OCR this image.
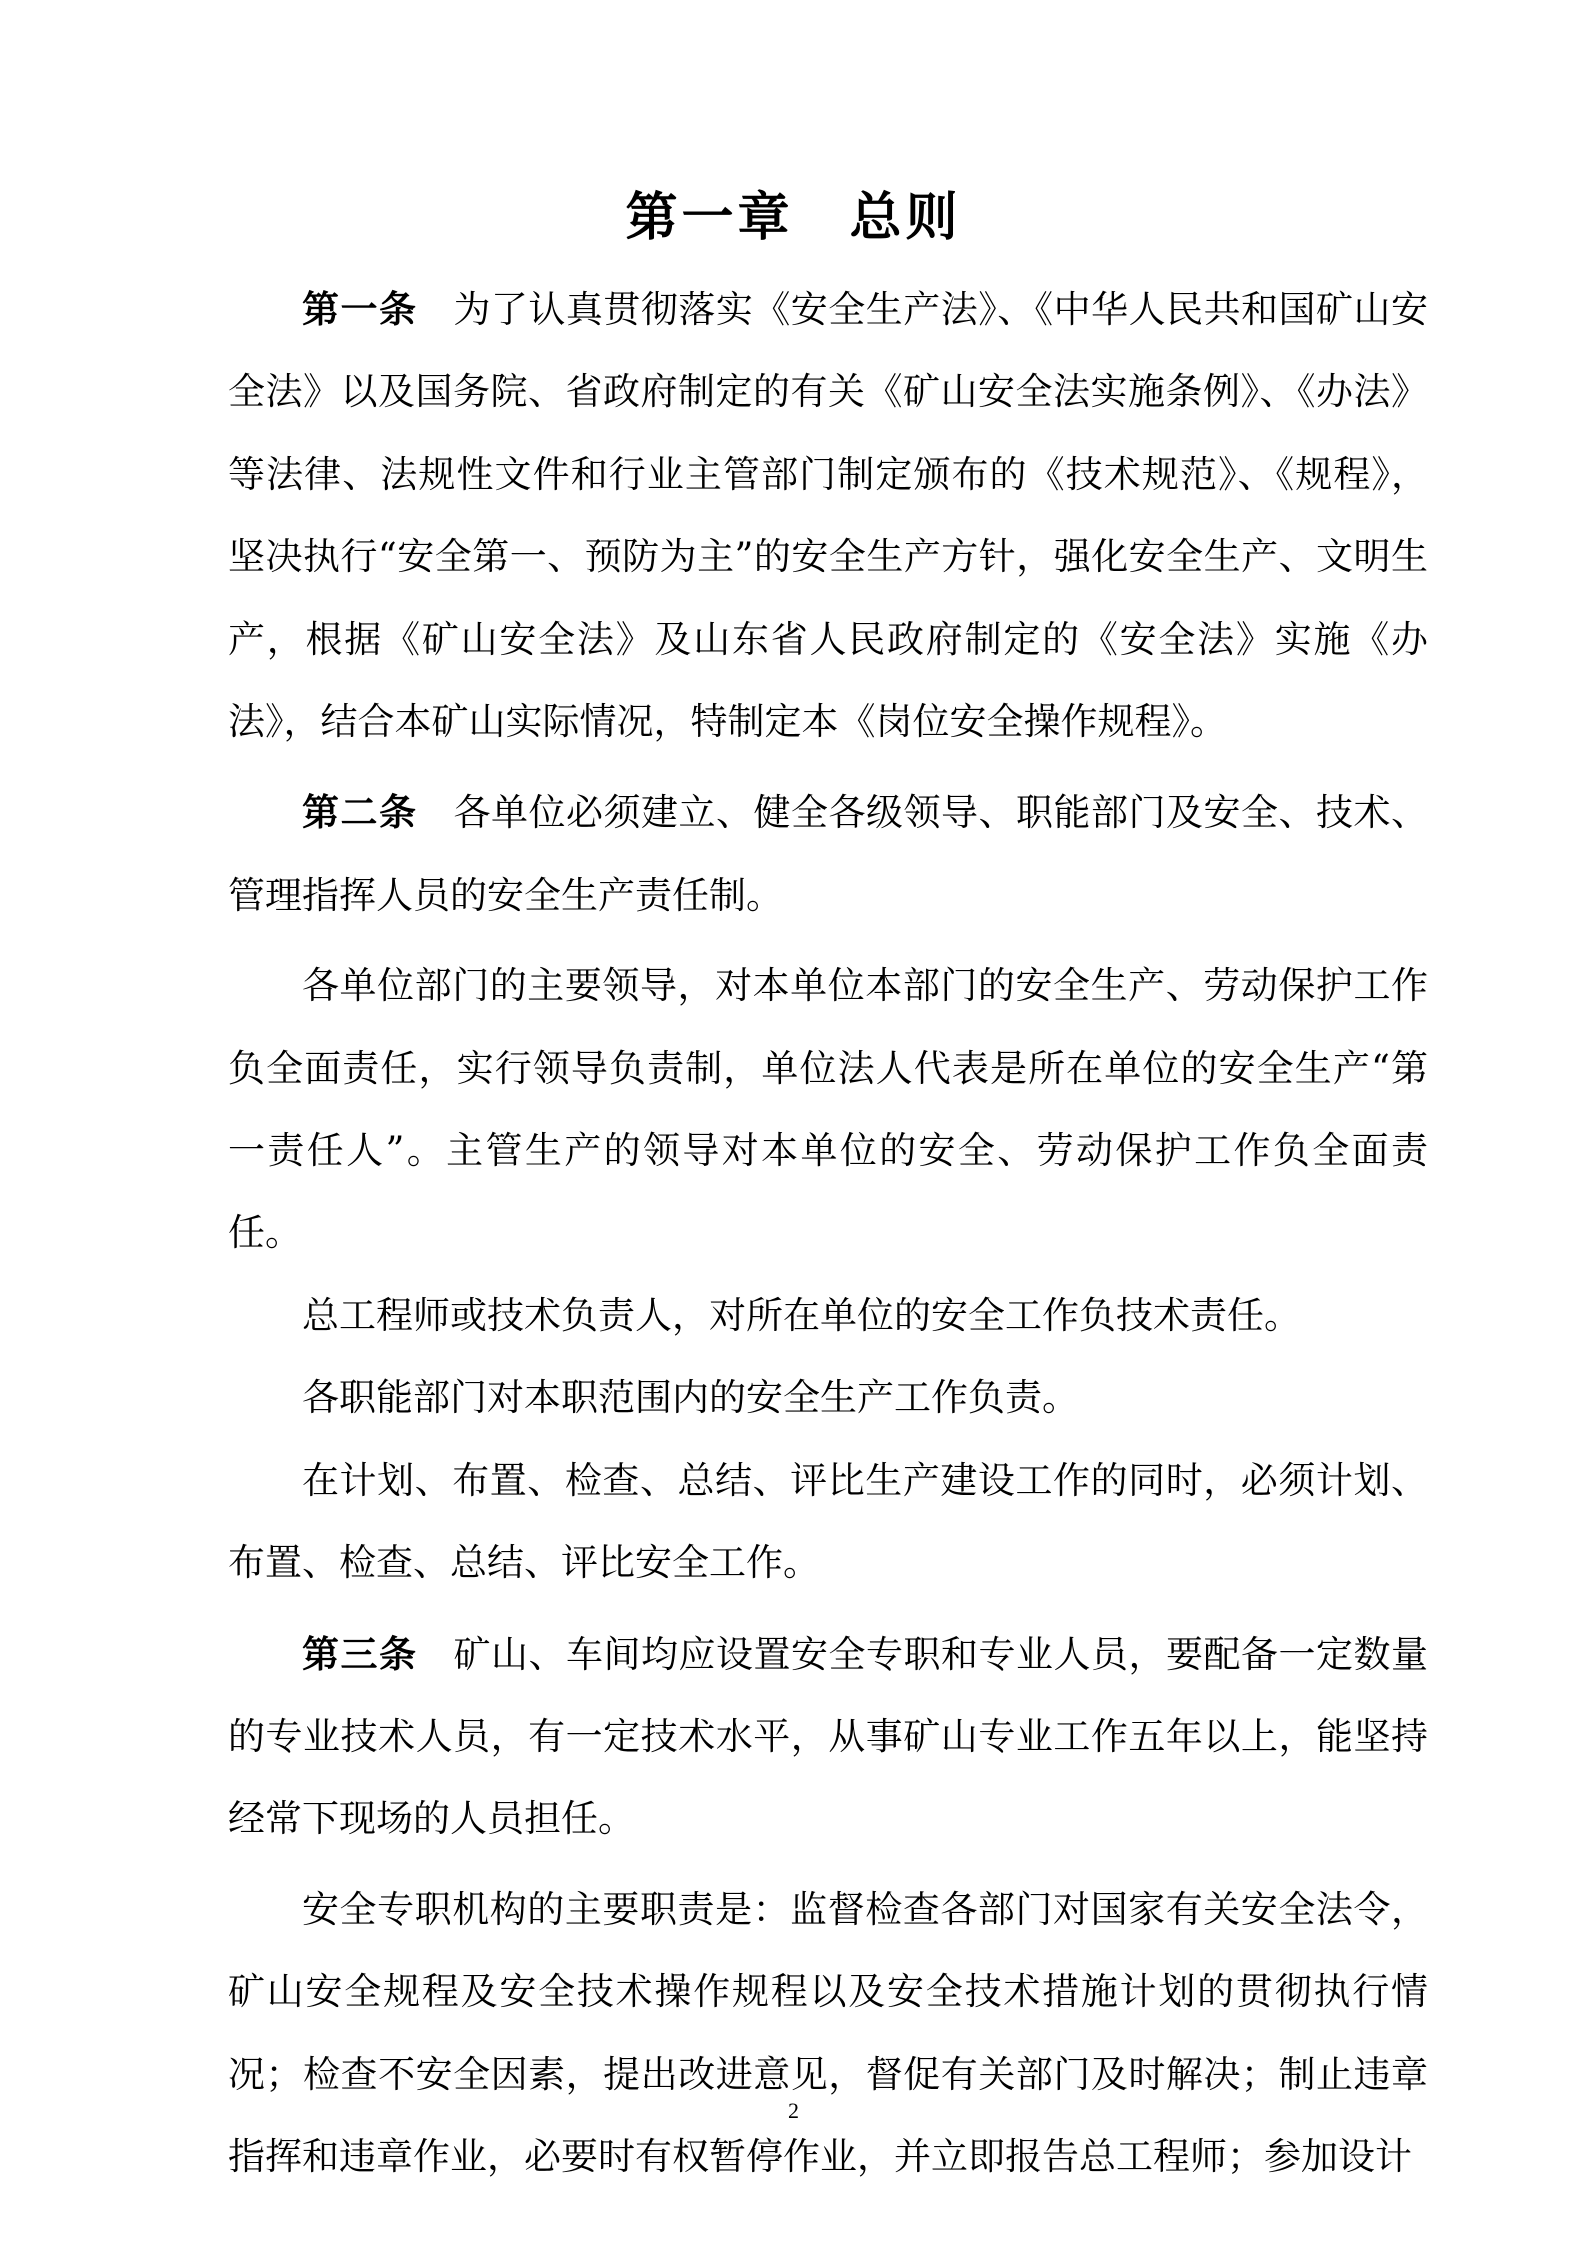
第一章 总则

第一条 为了认真贯彻落实《安全生产法》、《中华人民共和国矿山安全法》以及国务院、省政府制定的有关《矿山安全法实施条例》、《办法》等法律、法规性文件和行业主管部门制定颁布的《技术规范》、《规程》，坚决执行“安全第一、预防为主”的安全生产方针，强化安全生产、文明生产，根据《矿山安全法》及山东省人民政府制定的《安全法》实施《办法》，结合本矿山实际情况，特制定本《岗位安全操作规程》。

第二条 各单位必须建立、健全各级领导、职能部门及安全、技术、管理指挥人员的安全生产责任制。

各单位部门的主要领导，对本单位本部门的安全生产、劳动保护工作负全面责任，实行领导负责制，单位法人代表是所在单位的安全生产“第一责任人”。主管生产的领导对本单位的安全、劳动保护工作负全面责任。

总工程师或技术负责人，对所在单位的安全工作负技术责任。

各职能部门对本职范围内的安全生产工作负责。

在计划、布置、检查、总结、评比生产建设工作的同时，必须计划、布置、检查、总结、评比安全工作。

第三条 矿山、车间均应设置安全专职和专业人员，要配备一定数量的专业技术人员，有一定技术水平，从事矿山专业工作五年以上，能坚持经常下现场的人员担任。

安全专职机构的主要职责是：监督检查各部门对国家有关安全法令，矿山安全规程及安全技术操作规程以及安全技术措施计划的贯彻执行情况；检查不安全因素，提出改进意见，督促有关部门及时解决；制止违章指挥和违章作业，必要时有权暂停作业，并立即报告总工程师；参加设计

2
